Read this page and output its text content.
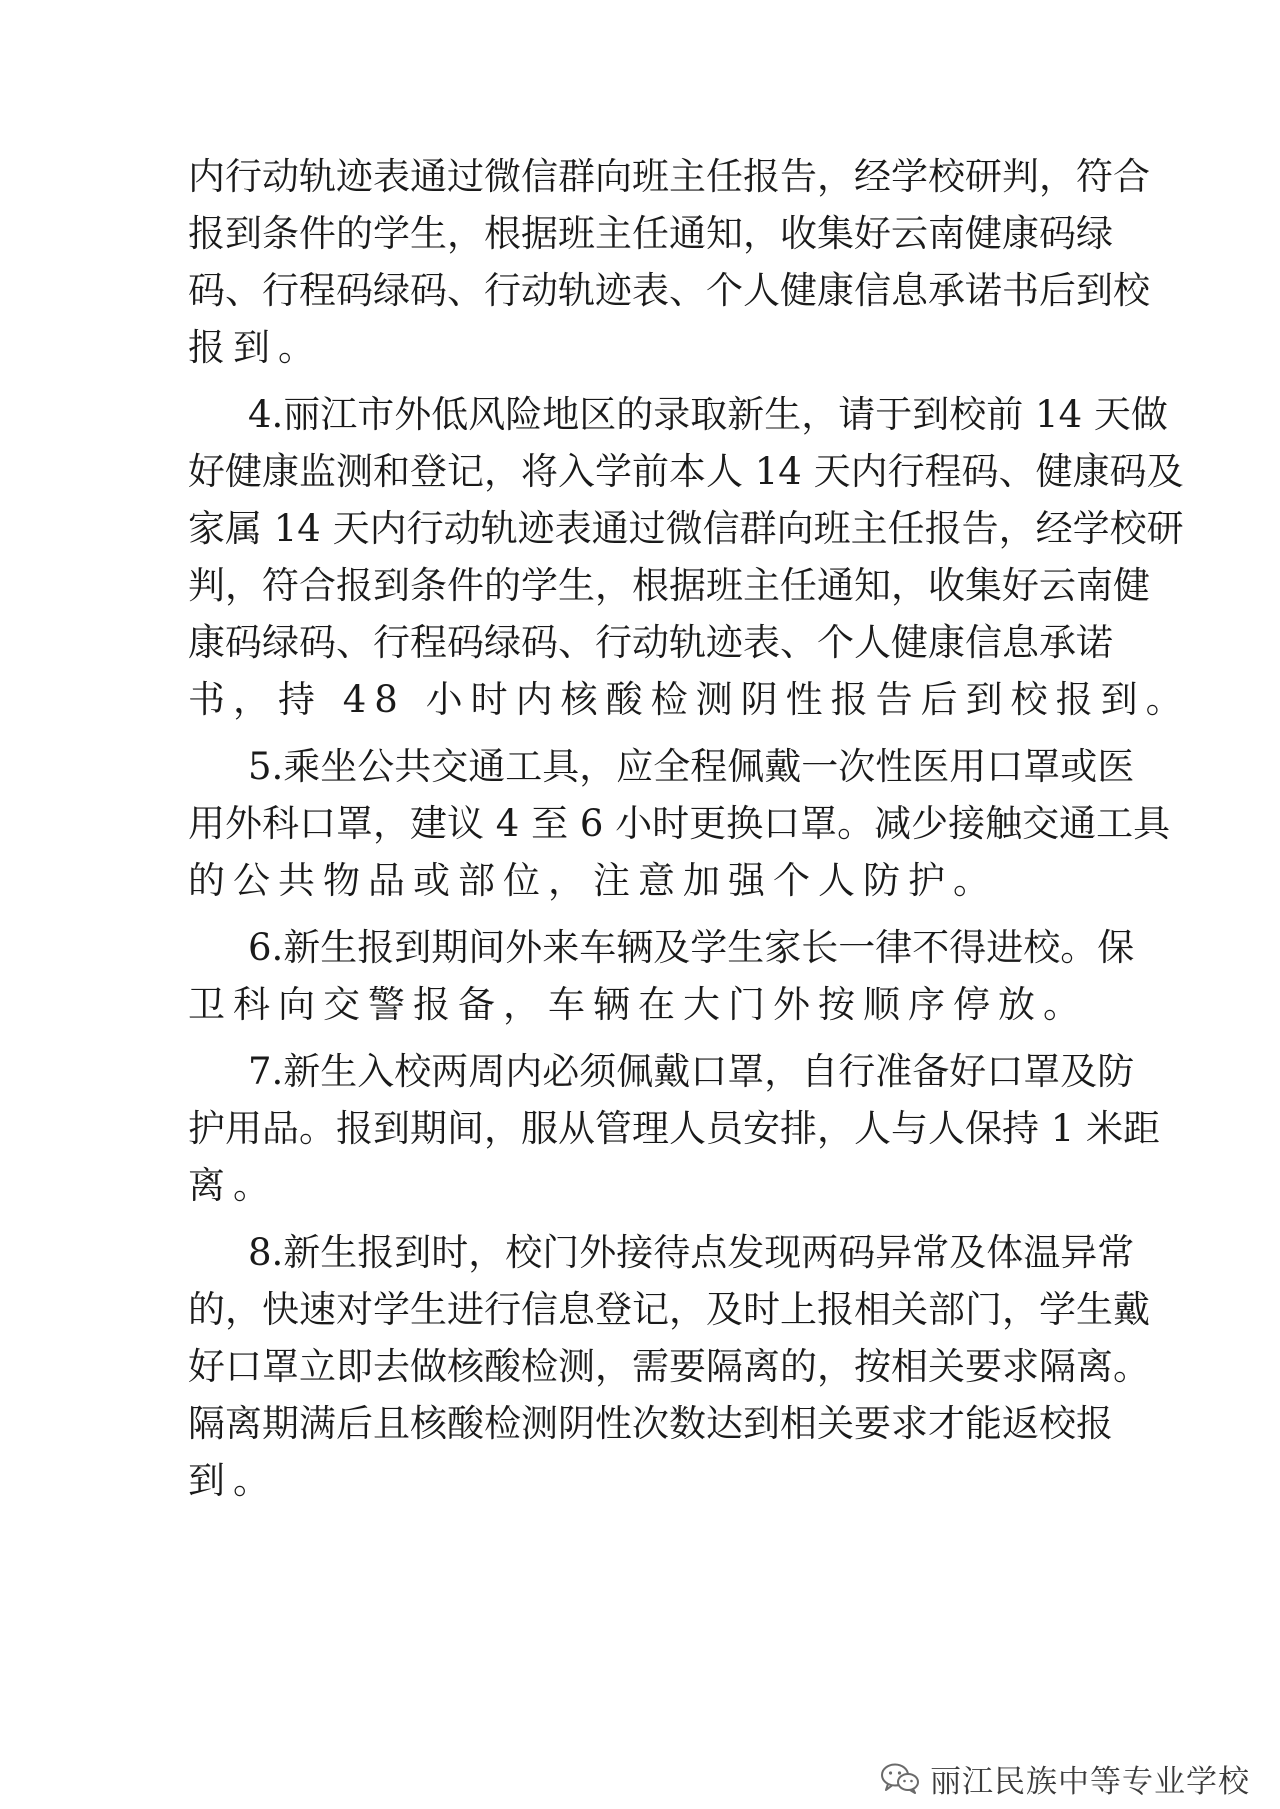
内行动轨迹表通过微信群向班主任报告，经学校研判，符合
报到条件的学生，根据班主任通知，收集好云南健康码绿
码、行程码绿码、行动轨迹表、个人健康信息承诺书后到校
报到。
4.丽江市外低风险地区的录取新生，请于到校前 14 天做
好健康监测和登记，将入学前本人 14 天内行程码、健康码及
家属 14 天内行动轨迹表通过微信群向班主任报告，经学校研
判，符合报到条件的学生，根据班主任通知，收集好云南健
康码绿码、行程码绿码、行动轨迹表、个人健康信息承诺
书，持 48 小时内核酸检测阴性报告后到校报到。
5.乘坐公共交通工具，应全程佩戴一次性医用口罩或医
用外科口罩，建议 4 至 6 小时更换口罩。减少接触交通工具
的公共物品或部位，注意加强个人防护。
6.新生报到期间外来车辆及学生家长一律不得进校。保
卫科向交警报备，车辆在大门外按顺序停放。
7.新生入校两周内必须佩戴口罩，自行准备好口罩及防
护用品。报到期间，服从管理人员安排，人与人保持 1 米距
离。
8.新生报到时，校门外接待点发现两码异常及体温异常
的，快速对学生进行信息登记，及时上报相关部门，学生戴
好口罩立即去做核酸检测，需要隔离的，按相关要求隔离。
隔离期满后且核酸检测阴性次数达到相关要求才能返校报
到。
丽江民族中等专业学校
